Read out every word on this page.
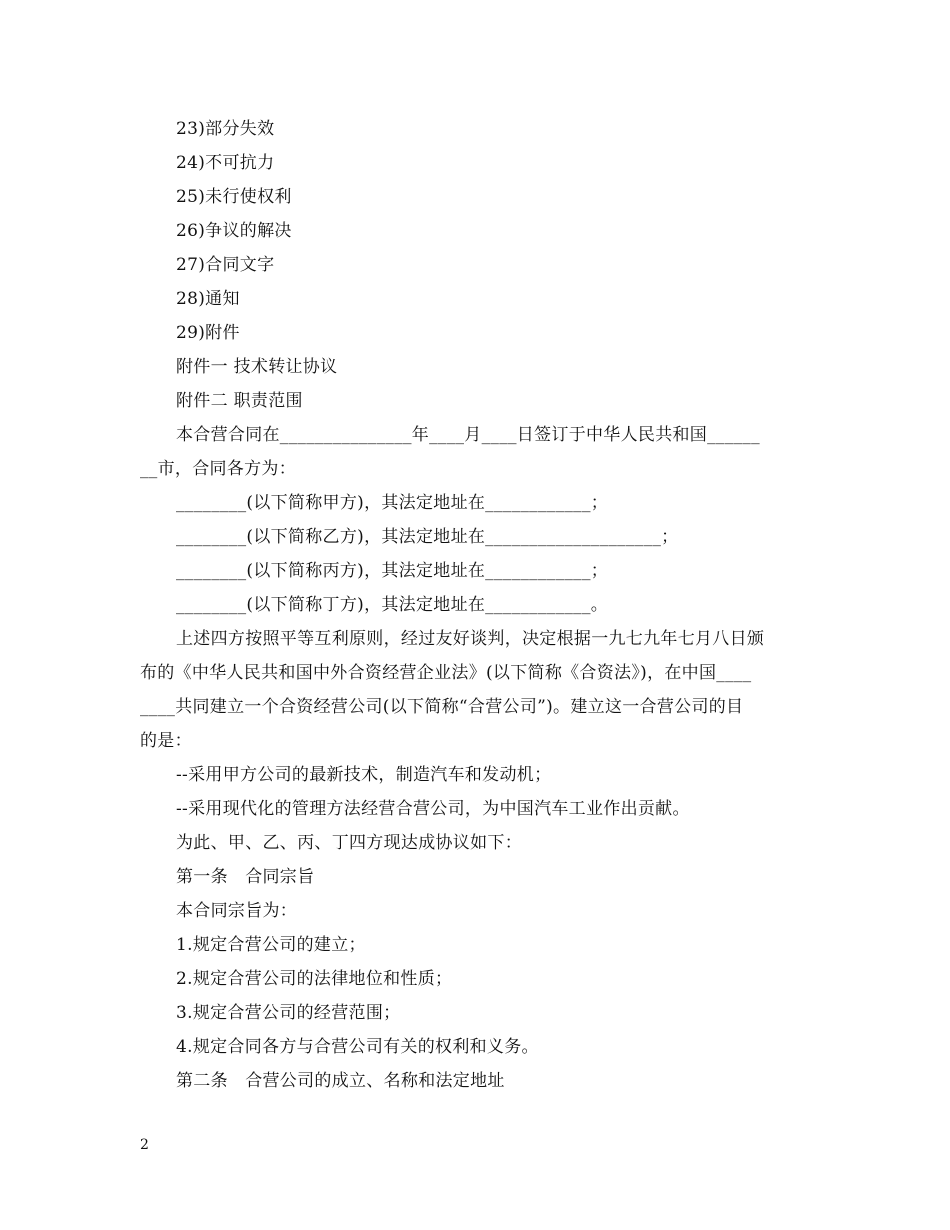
23)部分失效
24)不可抗力
25)未行使权利
26)争议的解决
27)合同文字
28)通知
29)附件
附件一 技术转让协议
附件二 职责范围
本合营合同在_______________年____月____日签订于中华人民共和国______
__市，合同各方为：
________(以下简称甲方)，其法定地址在____________；
________(以下简称乙方)，其法定地址在____________________；
________(以下简称丙方)，其法定地址在____________；
________(以下简称丁方)，其法定地址在____________。
上述四方按照平等互利原则，经过友好谈判，决定根据一九七九年七月八日颁
布的《中华人民共和国中外合资经营企业法》(以下简称《合资法》)，在中国____
____共同建立一个合资经营公司(以下简称“合营公司”)。建立这一合营公司的目
的是：
--采用甲方公司的最新技术，制造汽车和发动机；
--采用现代化的管理方法经营合营公司，为中国汽车工业作出贡献。
为此、甲、乙、丙、丁四方现达成协议如下：
第一条　合同宗旨
本合同宗旨为：
1.规定合营公司的建立；
2.规定合营公司的法律地位和性质；
3.规定合营公司的经营范围；
4.规定合同各方与合营公司有关的权利和义务。
第二条　合营公司的成立、名称和法定地址
2
